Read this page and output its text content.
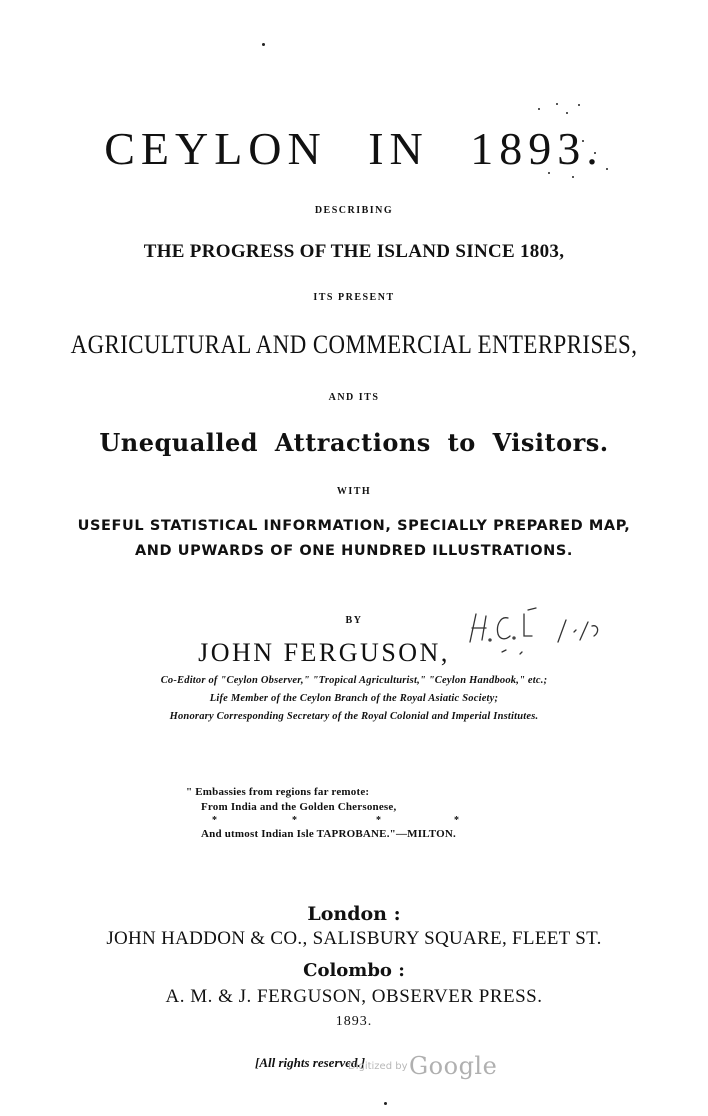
CEYLON IN 1893.
DESCRIBING
THE PROGRESS OF THE ISLAND SINCE 1803,
ITS PRESENT
AGRICULTURAL AND COMMERCIAL ENTERPRISES,
AND ITS
Unequalled Attractions to Visitors.
WITH
USEFUL STATISTICAL INFORMATION, SPECIALLY PREPARED MAP,
AND UPWARDS OF ONE HUNDRED ILLUSTRATIONS.
BY
JOHN FERGUSON,
Co-Editor of "Ceylon Observer," "Tropical Agriculturist," "Ceylon Handbook," etc.;
Life Member of the Ceylon Branch of the Royal Asiatic Society;
Honorary Corresponding Secretary of the Royal Colonial and Imperial Institutes.
" Embassies from regions far remote:
From India and the Golden Chersonese,
*	*	*	*
And utmost Indian Isle TAPROBANE."—MILTON.
London :
JOHN HADDON & CO., SALISBURY SQUARE, FLEET ST.
Colombo :
A. M. & J. FERGUSON, OBSERVER PRESS.
1893.
[All rights reserved.]
Digitized by Google
